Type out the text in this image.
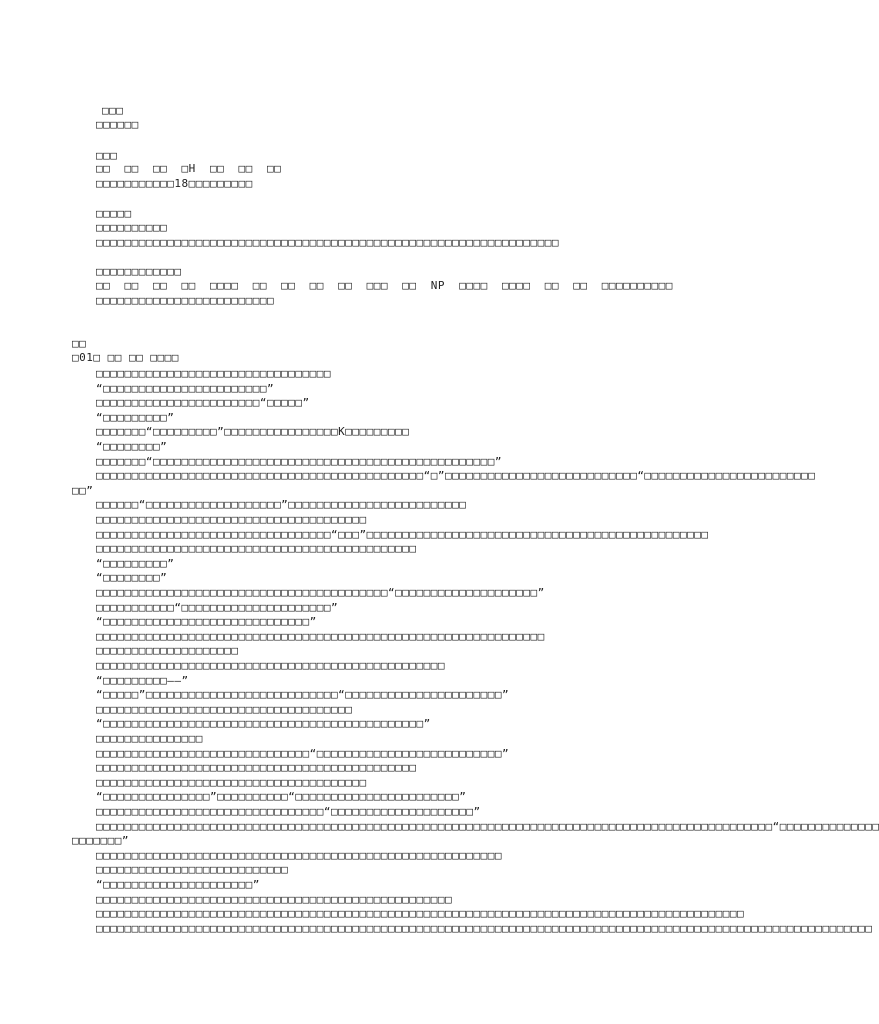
□□□
□□□□□□
□□□
□□  □□  □□  □H  □□  □□  □□
□□□□□□□□□□□18□□□□□□□□□
□□□□□
□□□□□□□□□□
□□□□□□□□□□□□□□□□□□□□□□□□□□□□□□□□□□□□□□□□□□□□□□□□□□□□□□□□□□□□□□□□□
□□□□□□□□□□□□
□□  □□  □□  □□  □□□□  □□  □□  □□  □□  □□□  □□  NP  □□□□  □□□□  □□  □□  □□□□□□□□□□
□□□□□□□□□□□□□□□□□□□□□□□□□
□□
□01□ □□ □□ □□□□
□□□□□□□□□□□□□□□□□□□□□□□□□□□□□□□□□
“□□□□□□□□□□□□□□□□□□□□□□□”
□□□□□□□□□□□□□□□□□□□□□□□“□□□□□”
“□□□□□□□□□”
□□□□□□□“□□□□□□□□□”□□□□□□□□□□□□□□□□K□□□□□□□□□
“□□□□□□□□”
□□□□□□□“□□□□□□□□□□□□□□□□□□□□□□□□□□□□□□□□□□□□□□□□□□□□□□□□”
□□□□□□□□□□□□□□□□□□□□□□□□□□□□□□□□□□□□□□□□□□□□□□“□”□□□□□□□□□□□□□□□□□□□□□□□□□□□“□□□□□□□□□□□□□□□□□□□□□□□□
□□”
□□□□□□“□□□□□□□□□□□□□□□□□□□”□□□□□□□□□□□□□□□□□□□□□□□□□
□□□□□□□□□□□□□□□□□□□□□□□□□□□□□□□□□□□□□□
□□□□□□□□□□□□□□□□□□□□□□□□□□□□□□□□□“□□□”□□□□□□□□□□□□□□□□□□□□□□□□□□□□□□□□□□□□□□□□□□□□□□□□
□□□□□□□□□□□□□□□□□□□□□□□□□□□□□□□□□□□□□□□□□□□□□
“□□□□□□□□□”
“□□□□□□□□”
□□□□□□□□□□□□□□□□□□□□□□□□□□□□□□□□□□□□□□□□□“□□□□□□□□□□□□□□□□□□□□”
□□□□□□□□□□□“□□□□□□□□□□□□□□□□□□□□□”
“□□□□□□□□□□□□□□□□□□□□□□□□□□□□□”
□□□□□□□□□□□□□□□□□□□□□□□□□□□□□□□□□□□□□□□□□□□□□□□□□□□□□□□□□□□□□□□
□□□□□□□□□□□□□□□□□□□□
□□□□□□□□□□□□□□□□□□□□□□□□□□□□□□□□□□□□□□□□□□□□□□□□□
“□□□□□□□□□——”
“□□□□□”□□□□□□□□□□□□□□□□□□□□□□□□□□□“□□□□□□□□□□□□□□□□□□□□□□”
□□□□□□□□□□□□□□□□□□□□□□□□□□□□□□□□□□□□
“□□□□□□□□□□□□□□□□□□□□□□□□□□□□□□□□□□□□□□□□□□□□□”
□□□□□□□□□□□□□□□
□□□□□□□□□□□□□□□□□□□□□□□□□□□□□□“□□□□□□□□□□□□□□□□□□□□□□□□□□”
□□□□□□□□□□□□□□□□□□□□□□□□□□□□□□□□□□□□□□□□□□□□□
□□□□□□□□□□□□□□□□□□□□□□□□□□□□□□□□□□□□□□
“□□□□□□□□□□□□□□□”□□□□□□□□□□“□□□□□□□□□□□□□□□□□□□□□□□”
□□□□□□□□□□□□□□□□□□□□□□□□□□□□□□□□“□□□□□□□□□□□□□□□□□□□□”
□□□□□□□□□□□□□□□□□□□□□□□□□□□□□□□□□□□□□□□□□□□□□□□□□□□□□□□□□□□□□□□□□□□□□□□□□□□□□□□□□□□□□□□□□□□□□□□“□□□□□□□□□□□□□□
□□□□□□□”
□□□□□□□□□□□□□□□□□□□□□□□□□□□□□□□□□□□□□□□□□□□□□□□□□□□□□□□□□
□□□□□□□□□□□□□□□□□□□□□□□□□□□
“□□□□□□□□□□□□□□□□□□□□□”
□□□□□□□□□□□□□□□□□□□□□□□□□□□□□□□□□□□□□□□□□□□□□□□□□□
□□□□□□□□□□□□□□□□□□□□□□□□□□□□□□□□□□□□□□□□□□□□□□□□□□□□□□□□□□□□□□□□□□□□□□□□□□□□□□□□□□□□□□□□□□□
□□□□□□□□□□□□□□□□□□□□□□□□□□□□□□□□□□□□□□□□□□□□□□□□□□□□□□□□□□□□□□□□□□□□□□□□□□□□□□□□□□□□□□□□□□□□□□□□□□□□□□□□□□□□□
